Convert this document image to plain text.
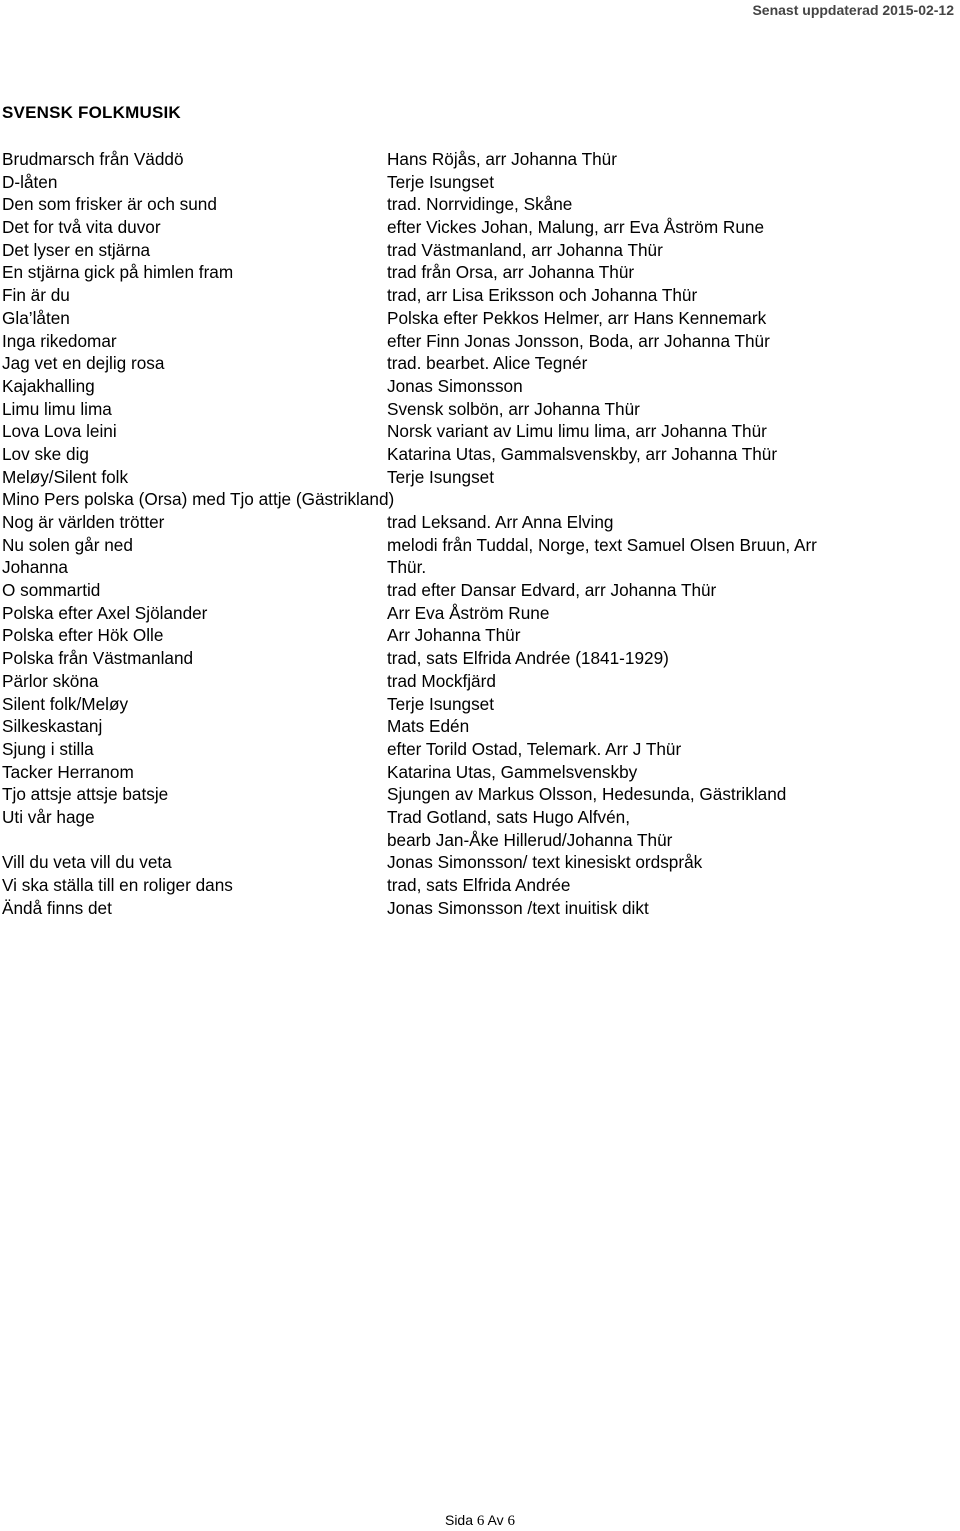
Senast uppdaterad 2015-02-12
SVENSK FOLKMUSIK
Brudmarsch från Väddö	Hans Röjås, arr Johanna Thür
D-låten	Terje Isungset
Den som frisker är och sund	trad. Norrvidinge, Skåne
Det for två vita duvor	efter Vickes Johan, Malung, arr Eva Åström Rune
Det lyser en stjärna	trad Västmanland, arr Johanna Thür
En stjärna gick på himlen fram	trad från Orsa, arr Johanna Thür
Fin är du	trad, arr Lisa Eriksson och Johanna Thür
Gla’låten	Polska efter Pekkos Helmer, arr Hans Kennemark
Inga rikedomar	efter Finn Jonas Jonsson, Boda, arr Johanna Thür
Jag vet en dejlig rosa	trad. bearbet. Alice Tegnér
Kajakhalling	Jonas Simonsson
Limu limu lima	Svensk solbön, arr Johanna Thür
Lova Lova leini	Norsk variant av Limu limu lima, arr Johanna Thür
Lov ske dig	Katarina Utas, Gammalsvenskby, arr Johanna Thür
Meløy/Silent folk	Terje Isungset
Mino Pers polska (Orsa) med Tjo attje (Gästrikland)
Nog är världen trötter	trad Leksand. Arr Anna Elving
Nu solen går ned	melodi från Tuddal, Norge, text Samuel Olsen Bruun, Arr
Johanna	Thür.
O sommartid	trad efter Dansar Edvard, arr Johanna Thür
Polska efter Axel Sjölander	Arr Eva Åström Rune
Polska efter Hök Olle	Arr Johanna Thür
Polska från Västmanland	trad, sats Elfrida Andrée (1841-1929)
Pärlor sköna	trad Mockfjärd
Silent folk/Meløy	Terje Isungset
Silkeskastanj	Mats Edén
Sjung i stilla	efter Torild Ostad, Telemark. Arr J Thür
Tacker Herranom	Katarina Utas, Gammelsvenskby
Tjo attsje attsje batsje	Sjungen av Markus Olsson, Hedesunda, Gästrikland
Uti vår hage	Trad Gotland, sats Hugo Alfvén,
bearb Jan-Åke Hillerud/Johanna Thür
Vill du veta vill du veta	Jonas Simonsson/ text kinesiskt ordspråk
Vi ska ställa till en roliger dans	trad, sats Elfrida Andrée
Ändå finns det	Jonas Simonsson /text inuitisk dikt
Sida 6 Av 6
